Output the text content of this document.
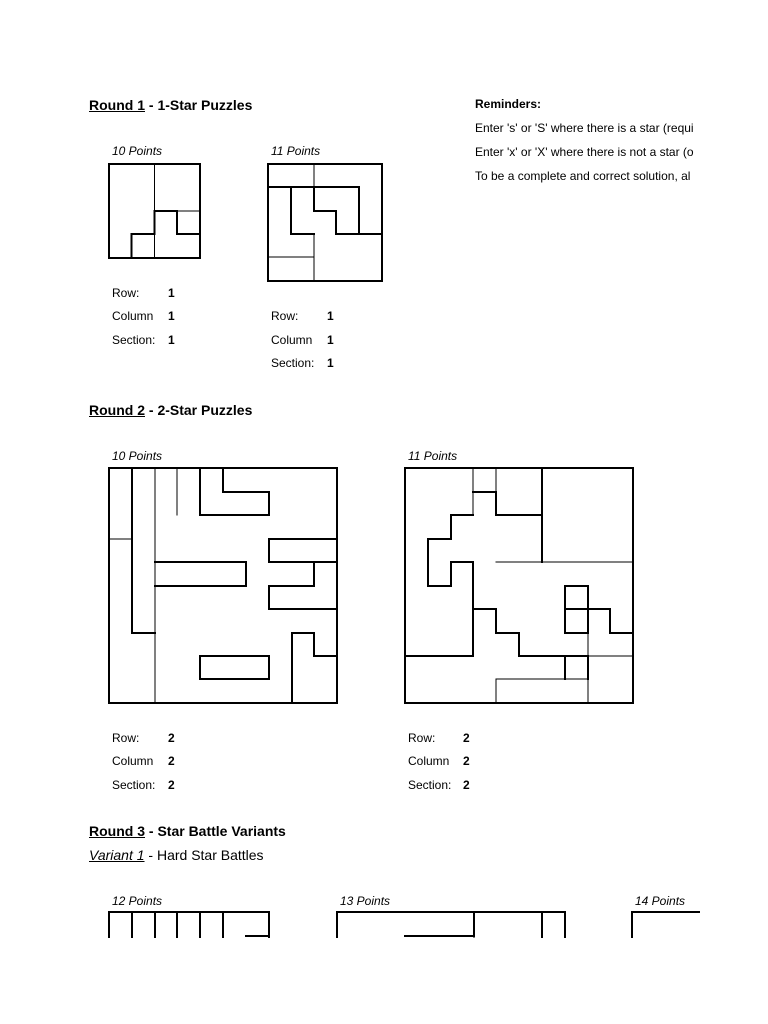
Round 1 - 1-Star Puzzles	Reminders:
Enter 's' or 'S' where there is a star (requi
Enter 'x' or 'X' where there is not a star (o
To be a complete and correct solution, al
10 Points
Row: 1
Column 1
Section: 1
11 Points
Row: 1
Column 1
Section: 1
Round 2 - 2-Star Puzzles
10 Points
Row: 2
Column 2
Section: 2
11 Points
Row: 2
Column 2
Section: 2
Round 3 - Star Battle Variants
Variant 1 - Hard Star Battles
12 Points	13 Points	14 Points
